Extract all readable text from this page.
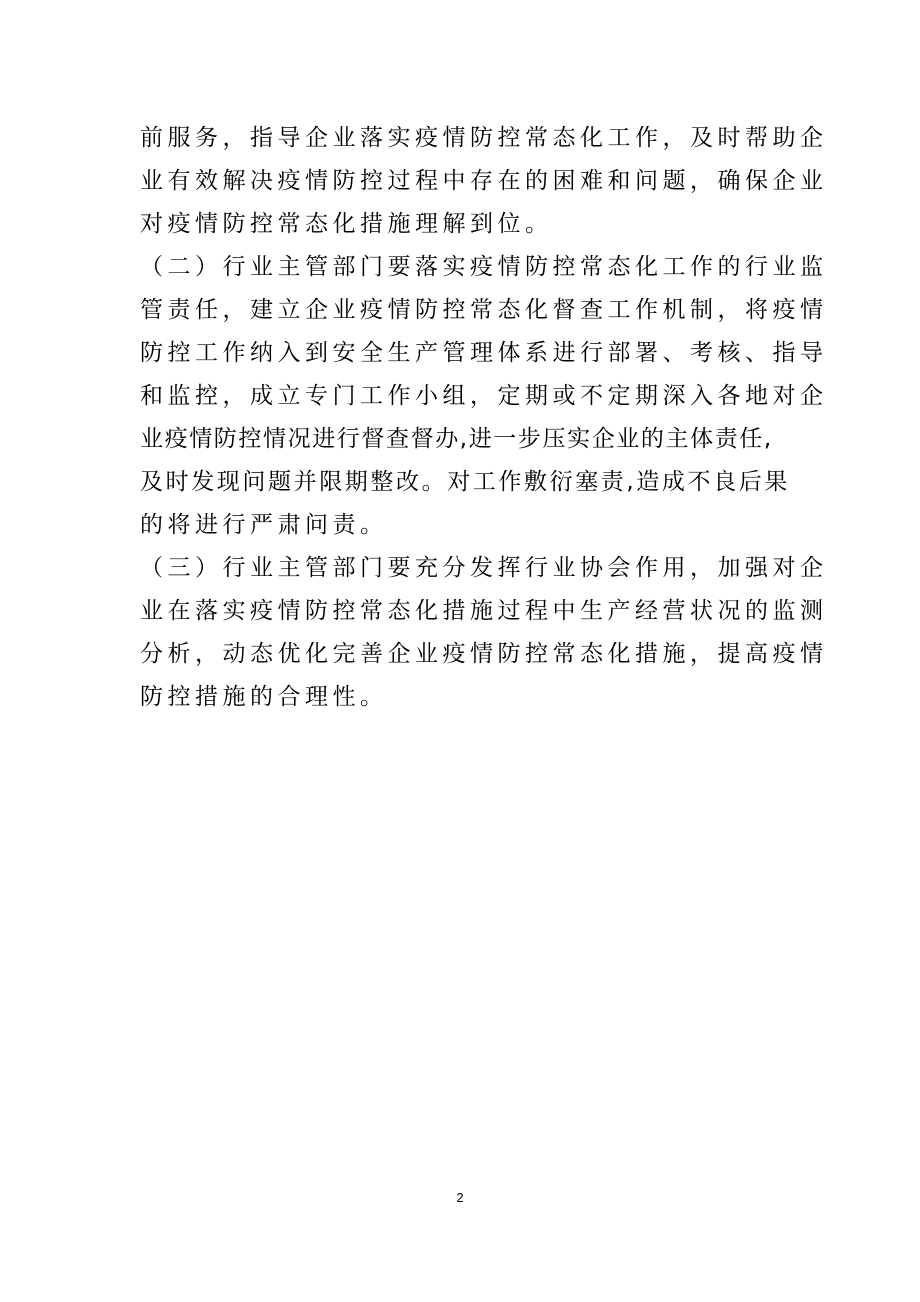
前服务，指导企业落实疫情防控常态化工作，及时帮助企
业有效解决疫情防控过程中存在的困难和问题，确保企业
对疫情防控常态化措施理解到位。
（二）行业主管部门要落实疫情防控常态化工作的行业监
管责任，建立企业疫情防控常态化督查工作机制，将疫情
防控工作纳入到安全生产管理体系进行部署、考核、指导
和监控，成立专门工作小组，定期或不定期深入各地对企
业疫情防控情况进行督查督办,进一步压实企业的主体责任,
及时发现问题并限期整改。对工作敷衍塞责,造成不良后果
的将进行严肃问责。
（三）行业主管部门要充分发挥行业协会作用，加强对企
业在落实疫情防控常态化措施过程中生产经营状况的监测
分析，动态优化完善企业疫情防控常态化措施，提高疫情
防控措施的合理性。
2
